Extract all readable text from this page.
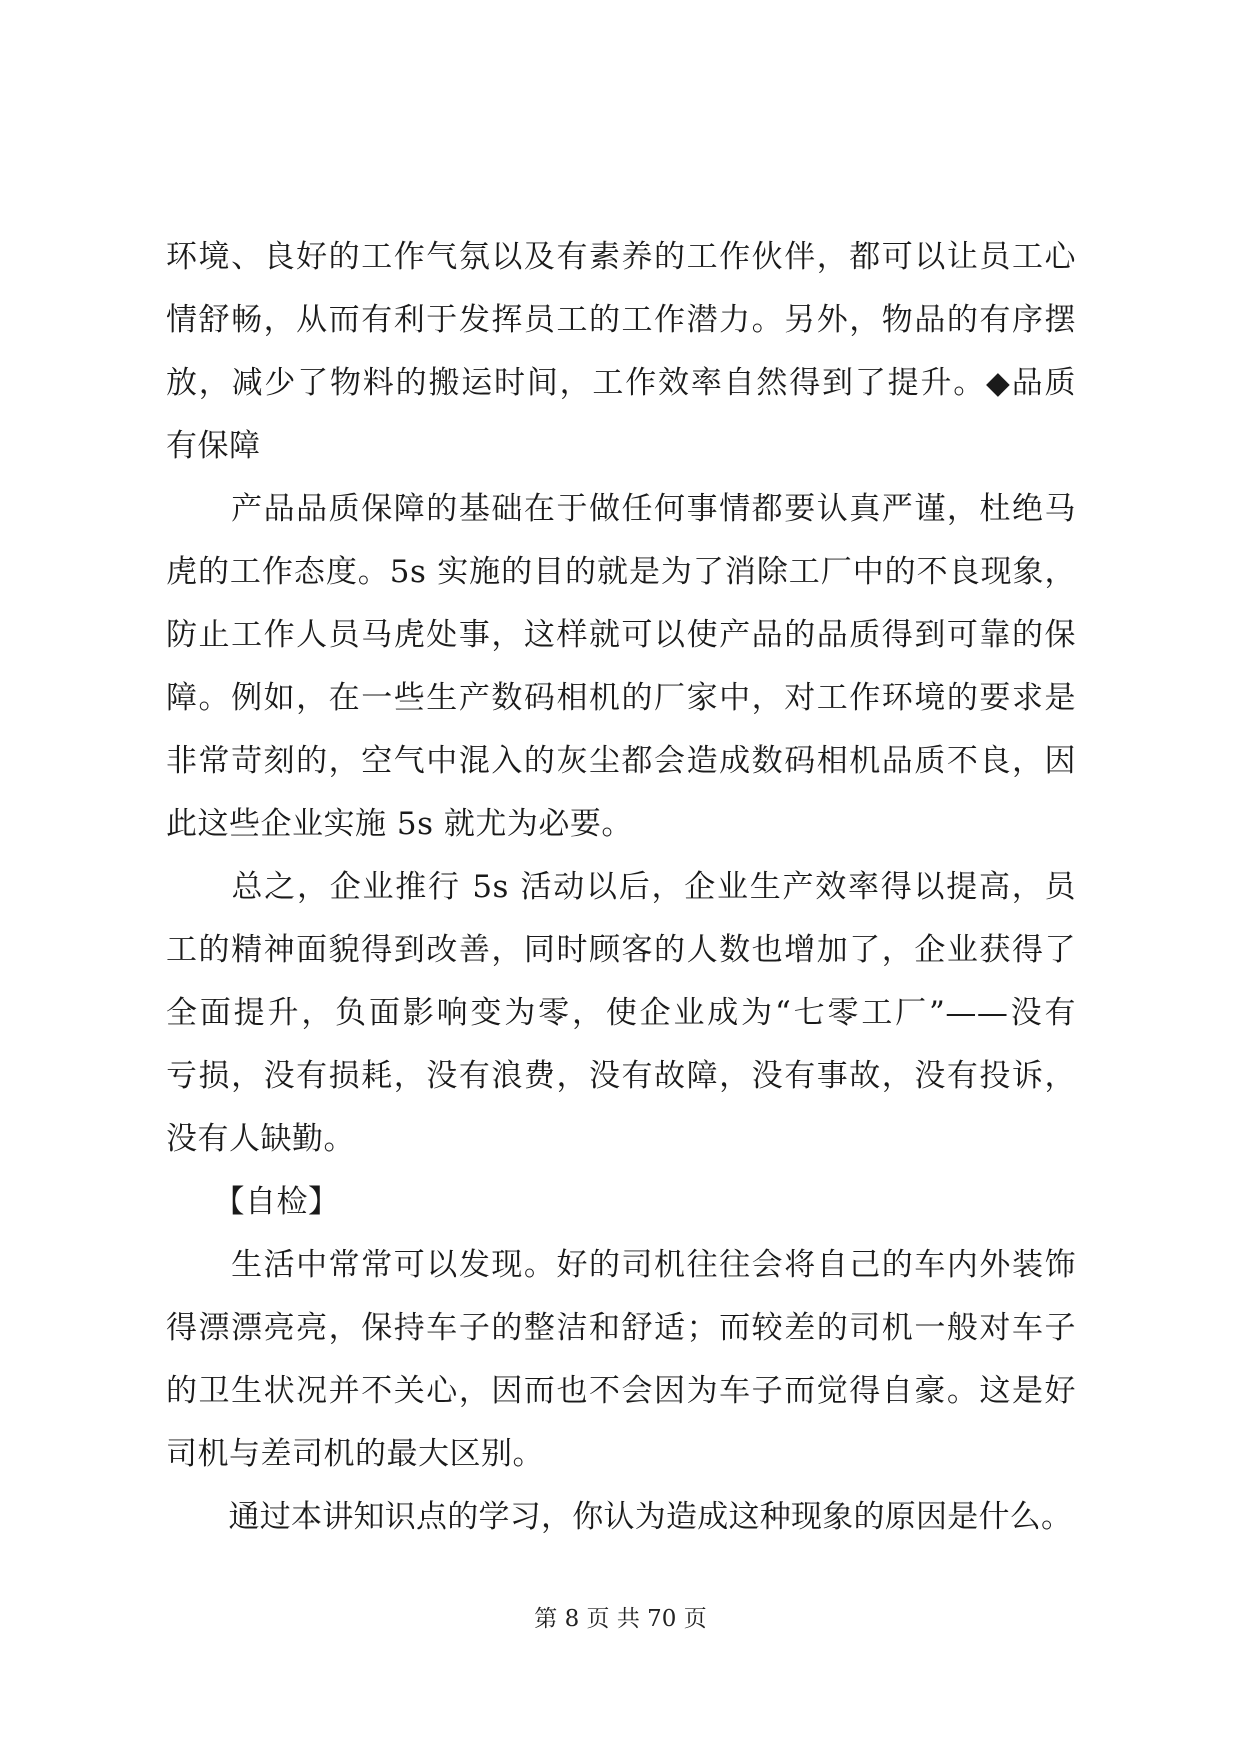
环境、良好的工作气氛以及有素养的工作伙伴，都可以让员工心
情舒畅，从而有利于发挥员工的工作潜力。另外，物品的有序摆
放，减少了物料的搬运时间，工作效率自然得到了提升。◆品质
有保障
　　产品品质保障的基础在于做任何事情都要认真严谨，杜绝马
虎的工作态度。5s 实施的目的就是为了消除工厂中的不良现象，
防止工作人员马虎处事，这样就可以使产品的品质得到可靠的保
障。例如，在一些生产数码相机的厂家中，对工作环境的要求是
非常苛刻的，空气中混入的灰尘都会造成数码相机品质不良，因
此这些企业实施 5s 就尤为必要。
　　总之，企业推行 5s 活动以后，企业生产效率得以提高，员
工的精神面貌得到改善，同时顾客的人数也增加了，企业获得了
全面提升，负面影响变为零，使企业成为“七零工厂”——没有
亏损，没有损耗，没有浪费，没有故障，没有事故，没有投诉，
没有人缺勤。
　　【自检】
　　生活中常常可以发现。好的司机往往会将自己的车内外装饰
得漂漂亮亮，保持车子的整洁和舒适；而较差的司机一般对车子
的卫生状况并不关心，因而也不会因为车子而觉得自豪。这是好
司机与差司机的最大区别。
　　通过本讲知识点的学习，你认为造成这种现象的原因是什么。
第 8 页 共 70 页
